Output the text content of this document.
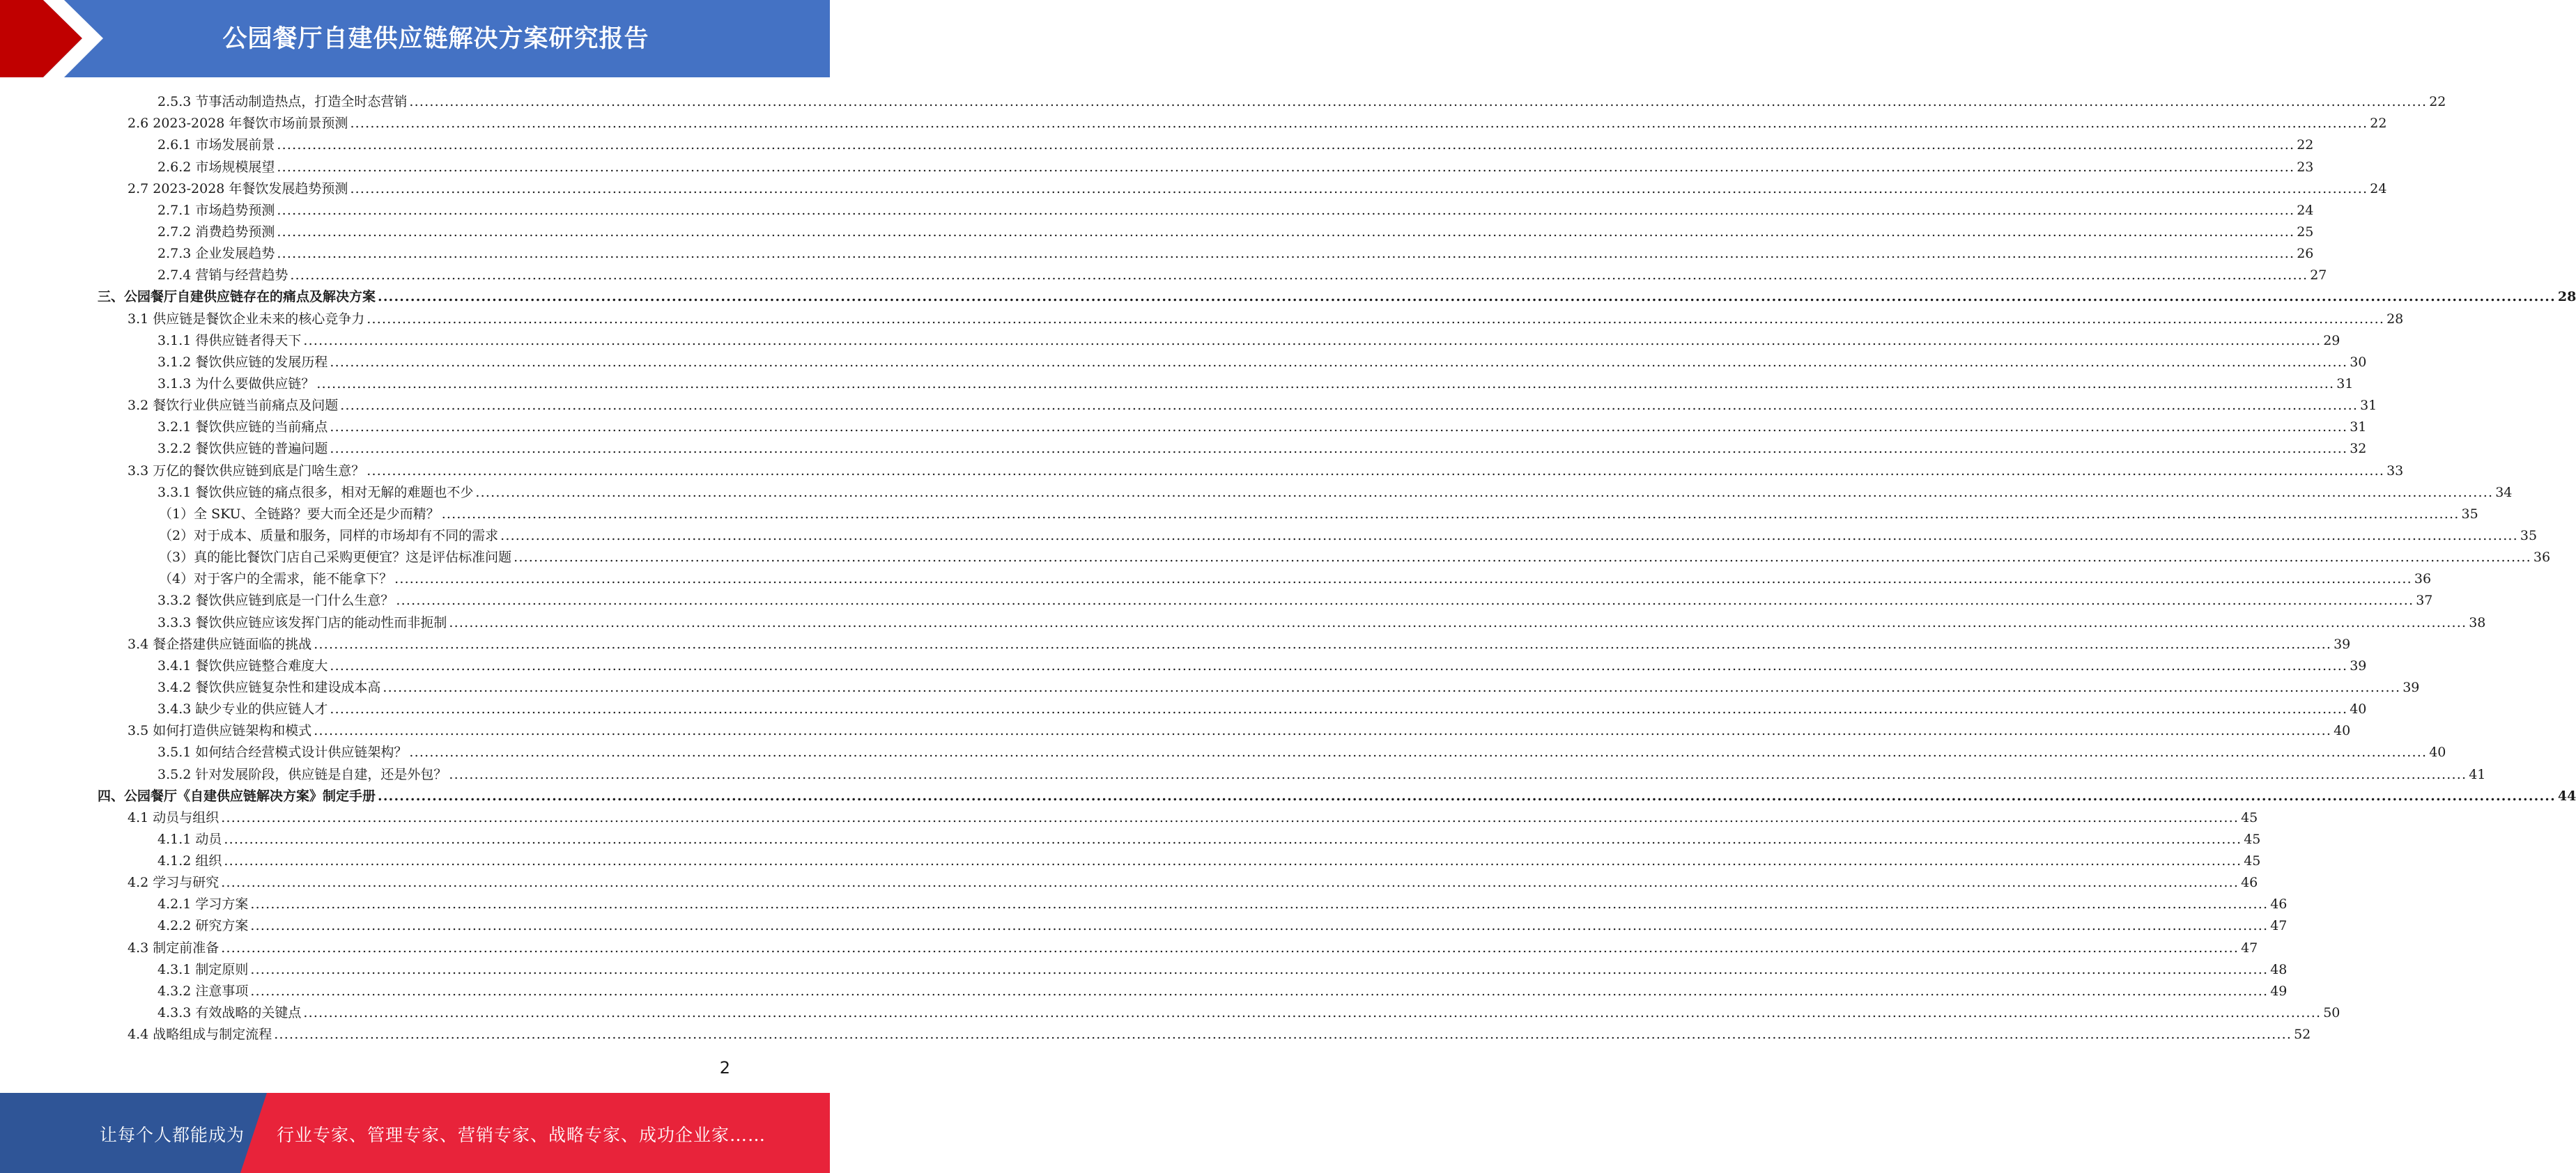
公园餐厅自建供应链解决方案研究报告
2.5.3 节事活动制造热点，打造全时态营销 ................................................................................................................................................................................................................................................................................................................................................................................................................ 22
2.6 2023-2028 年餐饮市场前景预测 ................................................................................................................................................................................................................................................................................................................................................................................................................ 22
2.6.1 市场发展前景 ................................................................................................................................................................................................................................................................................................................................................................................................................ 22
2.6.2 市场规模展望 ................................................................................................................................................................................................................................................................................................................................................................................................................ 23
2.7 2023-2028 年餐饮发展趋势预测 ................................................................................................................................................................................................................................................................................................................................................................................................................ 24
2.7.1 市场趋势预测 ................................................................................................................................................................................................................................................................................................................................................................................................................ 24
2.7.2 消费趋势预测 ................................................................................................................................................................................................................................................................................................................................................................................................................ 25
2.7.3 企业发展趋势 ................................................................................................................................................................................................................................................................................................................................................................................................................ 26
2.7.4 营销与经营趋势 ................................................................................................................................................................................................................................................................................................................................................................................................................ 27
三、公园餐厅自建供应链存在的痛点及解决方案 ................................................................................................................................................................................................................................................................................................................................................................................................................ 28
3.1 供应链是餐饮企业未来的核心竞争力 ................................................................................................................................................................................................................................................................................................................................................................................................................ 28
3.1.1 得供应链者得天下 ................................................................................................................................................................................................................................................................................................................................................................................................................ 29
3.1.2 餐饮供应链的发展历程 ................................................................................................................................................................................................................................................................................................................................................................................................................ 30
3.1.3 为什么要做供应链？ ................................................................................................................................................................................................................................................................................................................................................................................................................ 31
3.2 餐饮行业供应链当前痛点及问题 ................................................................................................................................................................................................................................................................................................................................................................................................................ 31
3.2.1 餐饮供应链的当前痛点 ................................................................................................................................................................................................................................................................................................................................................................................................................ 31
3.2.2 餐饮供应链的普遍问题 ................................................................................................................................................................................................................................................................................................................................................................................................................ 32
3.3 万亿的餐饮供应链到底是门啥生意？ ................................................................................................................................................................................................................................................................................................................................................................................................................ 33
3.3.1 餐饮供应链的痛点很多，相对无解的难题也不少 ................................................................................................................................................................................................................................................................................................................................................................................................................ 34
（1）全 SKU、全链路？要大而全还是少而精？ ................................................................................................................................................................................................................................................................................................................................................................................................................ 35
（2）对于成本、质量和服务，同样的市场却有不同的需求 ................................................................................................................................................................................................................................................................................................................................................................................................................ 35
（3）真的能比餐饮门店自己采购更便宜？这是评估标准问题 ................................................................................................................................................................................................................................................................................................................................................................................................................ 36
（4）对于客户的全需求，能不能拿下？ ................................................................................................................................................................................................................................................................................................................................................................................................................ 36
3.3.2 餐饮供应链到底是一门什么生意？ ................................................................................................................................................................................................................................................................................................................................................................................................................ 37
3.3.3 餐饮供应链应该发挥门店的能动性而非扼制 ................................................................................................................................................................................................................................................................................................................................................................................................................ 38
3.4 餐企搭建供应链面临的挑战 ................................................................................................................................................................................................................................................................................................................................................................................................................ 39
3.4.1 餐饮供应链整合难度大 ................................................................................................................................................................................................................................................................................................................................................................................................................ 39
3.4.2 餐饮供应链复杂性和建设成本高 ................................................................................................................................................................................................................................................................................................................................................................................................................ 39
3.4.3 缺少专业的供应链人才 ................................................................................................................................................................................................................................................................................................................................................................................................................ 40
3.5 如何打造供应链架构和模式 ................................................................................................................................................................................................................................................................................................................................................................................................................ 40
3.5.1 如何结合经营模式设计供应链架构？ ................................................................................................................................................................................................................................................................................................................................................................................................................ 40
3.5.2 针对发展阶段，供应链是自建，还是外包？ ................................................................................................................................................................................................................................................................................................................................................................................................................ 41
四、公园餐厅《自建供应链解决方案》制定手册 ................................................................................................................................................................................................................................................................................................................................................................................................................ 44
4.1 动员与组织 ................................................................................................................................................................................................................................................................................................................................................................................................................ 45
4.1.1 动员 ................................................................................................................................................................................................................................................................................................................................................................................................................ 45
4.1.2 组织 ................................................................................................................................................................................................................................................................................................................................................................................................................ 45
4.2 学习与研究 ................................................................................................................................................................................................................................................................................................................................................................................................................ 46
4.2.1 学习方案 ................................................................................................................................................................................................................................................................................................................................................................................................................ 46
4.2.2 研究方案 ................................................................................................................................................................................................................................................................................................................................................................................................................ 47
4.3 制定前准备 ................................................................................................................................................................................................................................................................................................................................................................................................................ 47
4.3.1 制定原则 ................................................................................................................................................................................................................................................................................................................................................................................................................ 48
4.3.2 注意事项 ................................................................................................................................................................................................................................................................................................................................................................................................................ 49
4.3.3 有效战略的关键点 ................................................................................................................................................................................................................................................................................................................................................................................................................ 50
4.4 战略组成与制定流程 ................................................................................................................................................................................................................................................................................................................................................................................................................ 52
2
让每个人都能成为 行业专家、管理专家、营销专家、战略专家、成功企业家……
